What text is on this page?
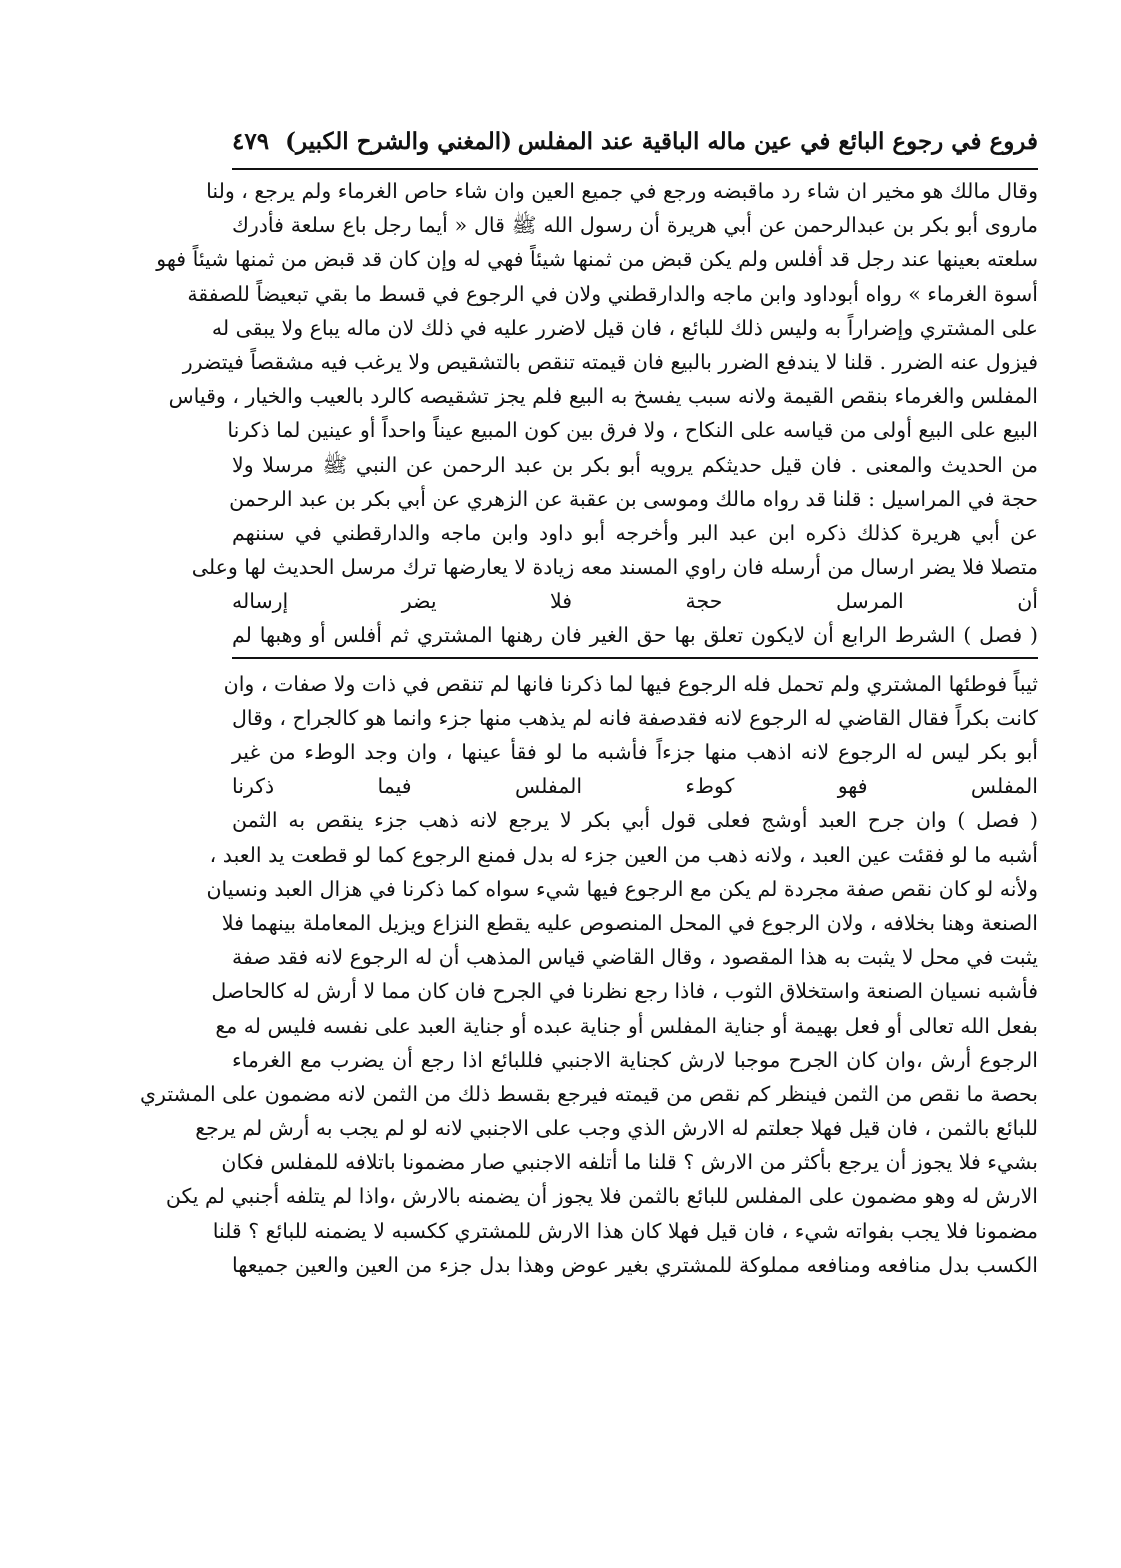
فروع في رجوع البائع في عين ماله الباقية عند المفلس
(المغني والشرح الكبير)٤٧٩
وقال مالك هو مخير ان شاء رد ماقبضه ورجع في جميع العين وان شاء حاص الغرماء ولم يرجع ، ولنا
ماروى أبو بكر بن عبدالرحمن عن أبي هريرة أن رسول الله ﷺ قال « أيما رجل باع سلعة فأدرك
سلعته بعينها عند رجل قد أفلس ولم يكن قبض من ثمنها شيئاً فهي له وإن كان قد قبض من ثمنها شيئاً فهو
أسوة الغرماء » رواه أبوداود وابن ماجه والدارقطني ولان في الرجوع في قسط ما بقي تبعيضاً للصفقة
على المشتري وإضراراً به وليس ذلك للبائع ، فان قيل لاضرر عليه في ذلك لان ماله يباع ولا يبقى له
فيزول عنه الضرر . قلنا لا يندفع الضرر بالبيع فان قيمته تنقص بالتشقيص ولا يرغب فيه مشقصاً فيتضرر
المفلس والغرماء بنقص القيمة ولانه سبب يفسخ به البيع فلم يجز تشقيصه كالرد بالعيب والخيار ، وقياس
البيع على البيع أولى من قياسه على النكاح ، ولا فرق بين كون المبيع عيناً واحداً أو عينين لما ذكرنا
من الحديث والمعنى . فان قيل حديثكم يرويه أبو بكر بن عبد الرحمن عن النبي ﷺ مرسلا ولا
حجة في المراسيل : قلنا قد رواه مالك وموسى بن عقبة عن الزهري عن أبي بكر بن عبد الرحمن
عن أبي هريرة كذلك ذكره ابن عبد البر وأخرجه أبو داود وابن ماجه والدارقطني في سننهم
متصلا فلا يضر ارسال من أرسله فان راوي المسند معه زيادة لا يعارضها ترك مرسل الحديث لها وعلى
أن المرسل حجة فلا يضر إرساله
( فصل ) الشرط الرابع أن لايكون تعلق بها حق الغير فان رهنها المشتري ثم أفلس أو وهبها لم
ثيباً فوطئها المشتري ولم تحمل فله الرجوع فيها لما ذكرنا فانها لم تنقص في ذات ولا صفات ، وان
كانت بكراً فقال القاضي له الرجوع لانه فقدصفة فانه لم يذهب منها جزء وانما هو كالجراح ، وقال
أبو بكر ليس له الرجوع لانه اذهب منها جزءاً فأشبه ما لو فقأ عينها ، وان وجد الوطء من غير
المفلس فهو كوطء المفلس فيما ذكرنا
( فصل ) وان جرح العبد أوشج فعلى قول أبي بكر لا يرجع لانه ذهب جزء ينقص به الثمن
أشبه ما لو فقئت عين العبد ، ولانه ذهب من العين جزء له بدل فمنع الرجوع كما لو قطعت يد العبد ،
ولأنه لو كان نقص صفة مجردة لم يكن مع الرجوع فيها شيء سواه كما ذكرنا في هزال العبد ونسيان
الصنعة وهنا بخلافه ، ولان الرجوع في المحل المنصوص عليه يقطع النزاع ويزيل المعاملة بينهما فلا
يثبت في محل لا يثبت به هذا المقصود ، وقال القاضي قياس المذهب أن له الرجوع لانه فقد صفة
فأشبه نسيان الصنعة واستخلاق الثوب ، فاذا رجع نظرنا في الجرح فان كان مما لا أرش له كالحاصل
بفعل الله تعالى أو فعل بهيمة أو جناية المفلس أو جناية عبده أو جناية العبد على نفسه فليس له مع
الرجوع أرش ،وان كان الجرح موجبا لارش كجناية الاجنبي فللبائع اذا رجع أن يضرب مع الغرماء
بحصة ما نقص من الثمن فينظر كم نقص من قيمته فيرجع بقسط ذلك من الثمن لانه مضمون على المشتري
للبائع بالثمن ، فان قيل فهلا جعلتم له الارش الذي وجب على الاجنبي لانه لو لم يجب به أرش لم يرجع
بشيء فلا يجوز أن يرجع بأكثر من الارش ؟ قلنا ما أتلفه الاجنبي صار مضمونا باتلافه للمفلس فكان
الارش له وهو مضمون على المفلس للبائع بالثمن فلا يجوز أن يضمنه بالارش ،واذا لم يتلفه أجنبي لم يكن
مضمونا فلا يجب بفواته شيء ، فان قيل فهلا كان هذا الارش للمشتري ككسبه لا يضمنه للبائع ؟ قلنا
الكسب بدل منافعه ومنافعه مملوكة للمشتري بغير عوض وهذا بدل جزء من العين والعين جميعها
